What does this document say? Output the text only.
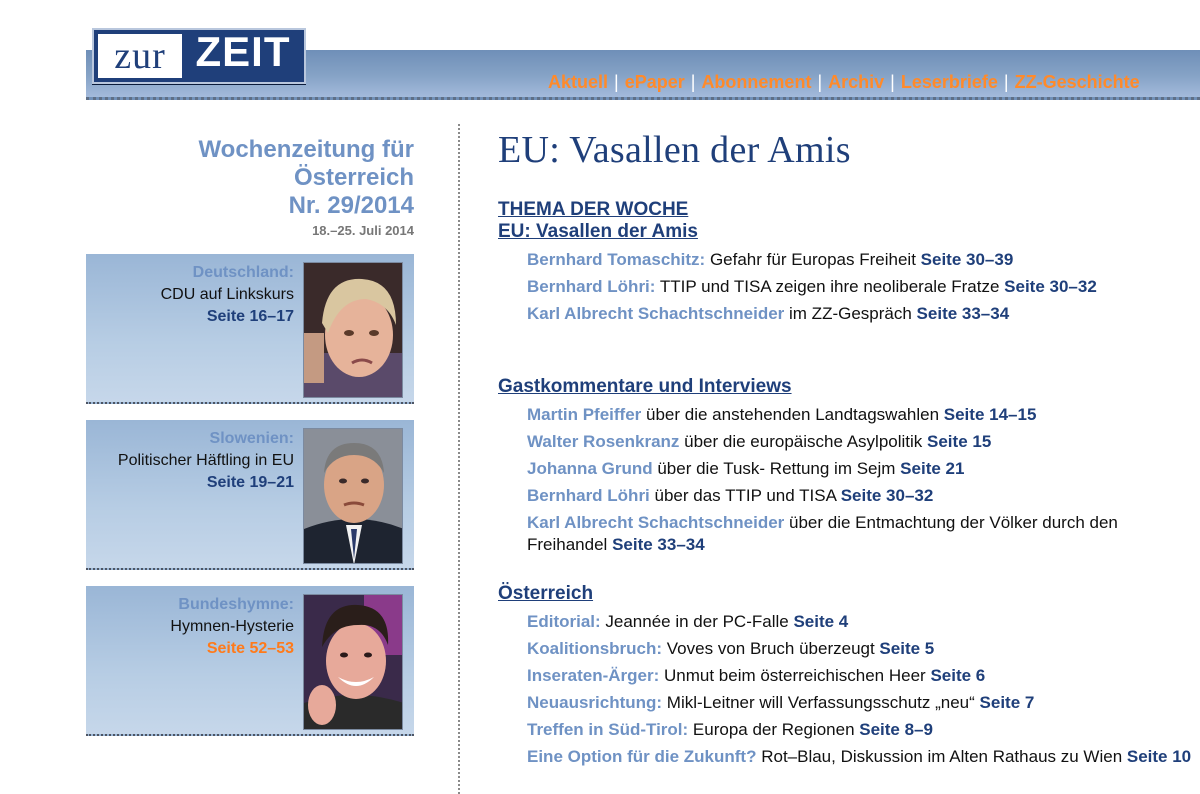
zur ZEIT
Aktuell | ePaper | Abonnement | Archiv | Leserbriefe | ZZ-Geschichte
Wochenzeitung für
Österreich
Nr. 29/2014
18.–25. Juli 2014
Deutschland:
CDU auf Linkskurs
Seite 16–17
Slowenien:
Politischer Häftling in EU
Seite 19–21
Bundeshymne:
Hymnen-Hysterie
Seite 52–53
EU: Vasallen der Amis
THEMA DER WOCHE
EU: Vasallen der Amis
Bernhard Tomaschitz: Gefahr für Europas Freiheit Seite 30–39
Bernhard Löhri: TTIP und TISA zeigen ihre neoliberale Fratze Seite 30–32
Karl Albrecht Schachtschneider im ZZ-Gespräch Seite 33–34
Gastkommentare und Interviews
Martin Pfeiffer über die anstehenden Landtagswahlen Seite 14–15
Walter Rosenkranz über die europäische Asylpolitik Seite 15
Johanna Grund über die Tusk- Rettung im Sejm Seite 21
Bernhard Löhri über das TTIP und TISA Seite 30–32
Karl Albrecht Schachtschneider über die Entmachtung der Völker durch den Freihandel Seite 33–34
Österreich
Editorial: Jeannée in der PC-Falle Seite 4
Koalitionsbruch: Voves von Bruch überzeugt Seite 5
Inseraten-Ärger: Unmut beim österreichischen Heer Seite 6
Neuausrichtung: Mikl-Leitner will Verfassungsschutz „neu“ Seite 7
Treffen in Süd-Tirol: Europa der Regionen Seite 8–9
Eine Option für die Zukunft? Rot–Blau, Diskussion im Alten Rathaus zu Wien Seite 10
